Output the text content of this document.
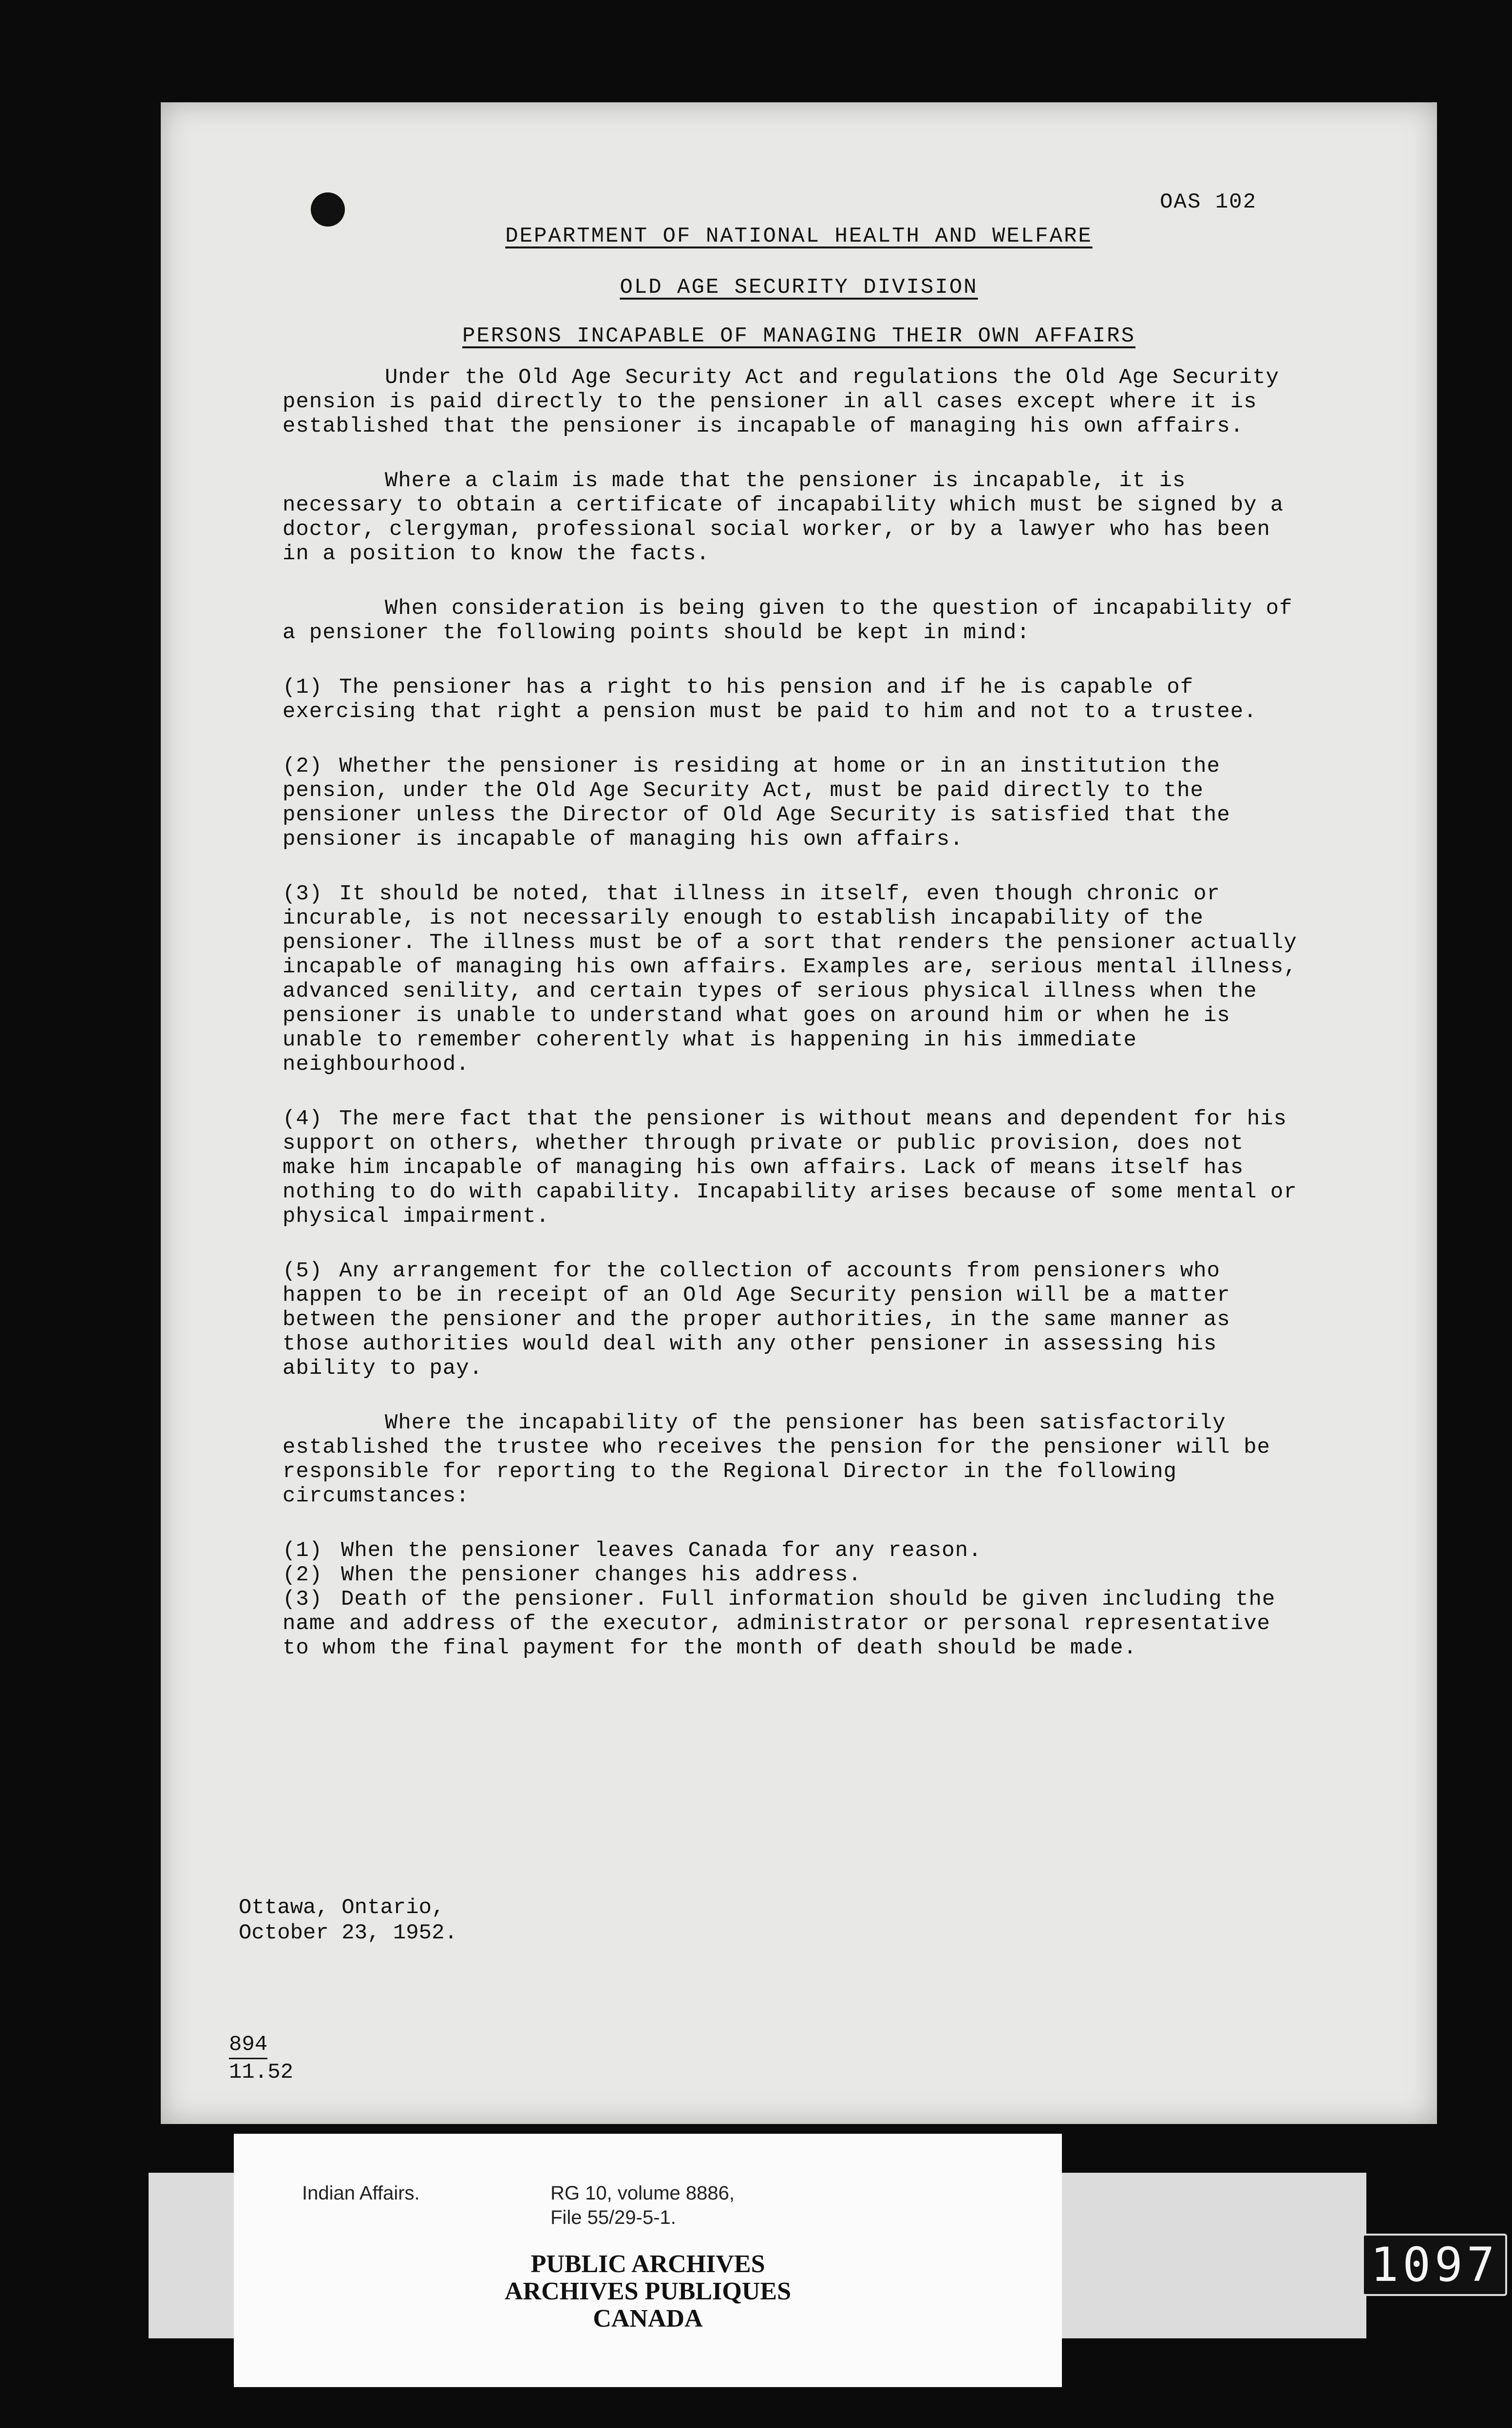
OAS 102
DEPARTMENT OF NATIONAL HEALTH AND WELFARE
OLD AGE SECURITY DIVISION
PERSONS INCAPABLE OF MANAGING THEIR OWN AFFAIRS

Under the Old Age Security Act and regulations the Old Age Security pension is paid directly to the pensioner in all cases except where it is established that the pensioner is incapable of managing his own affairs.

Where a claim is made that the pensioner is incapable, it is necessary to obtain a certificate of incapability which must be signed by a doctor, clergyman, professional social worker, or by a lawyer who has been in a position to know the facts.

When consideration is being given to the question of incapability of a pensioner the following points should be kept in mind:

(1) The pensioner has a right to his pension and if he is capable of exercising that right a pension must be paid to him and not to a trustee.

(2) Whether the pensioner is residing at home or in an institution the pension, under the Old Age Security Act, must be paid directly to the pensioner unless the Director of Old Age Security is satisfied that the pensioner is incapable of managing his own affairs.

(3) It should be noted, that illness in itself, even though chronic or incurable, is not necessarily enough to establish incapability of the pensioner. The illness must be of a sort that renders the pensioner actually incapable of managing his own affairs. Examples are, serious mental illness, advanced senility, and certain types of serious physical illness when the pensioner is unable to understand what goes on around him or when he is unable to remember coherently what is happening in his immediate neighbourhood.

(4) The mere fact that the pensioner is without means and dependent for his support on others, whether through private or public provision, does not make him incapable of managing his own affairs. Lack of means itself has nothing to do with capability. Incapability arises because of some mental or physical impairment.

(5) Any arrangement for the collection of accounts from pensioners who happen to be in receipt of an Old Age Security pension will be a matter between the pensioner and the proper authorities, in the same manner as those authorities would deal with any other pensioner in assessing his ability to pay.

Where the incapability of the pensioner has been satisfactorily established the trustee who receives the pension for the pensioner will be responsible for reporting to the Regional Director in the following circumstances:

(1) When the pensioner leaves Canada for any reason.

(2) When the pensioner changes his address.

(3) Death of the pensioner. Full information should be given including the name and address of the executor, administrator or personal representative to whom the final payment for the month of death should be made.

Ottawa, Ontario,
October 23, 1952.
894
11.52
Indian Affairs.	RG 10, volume 8886,
File 55/29-5-1.
PUBLIC ARCHIVES
ARCHIVES PUBLIQUES
CANADA
1097
